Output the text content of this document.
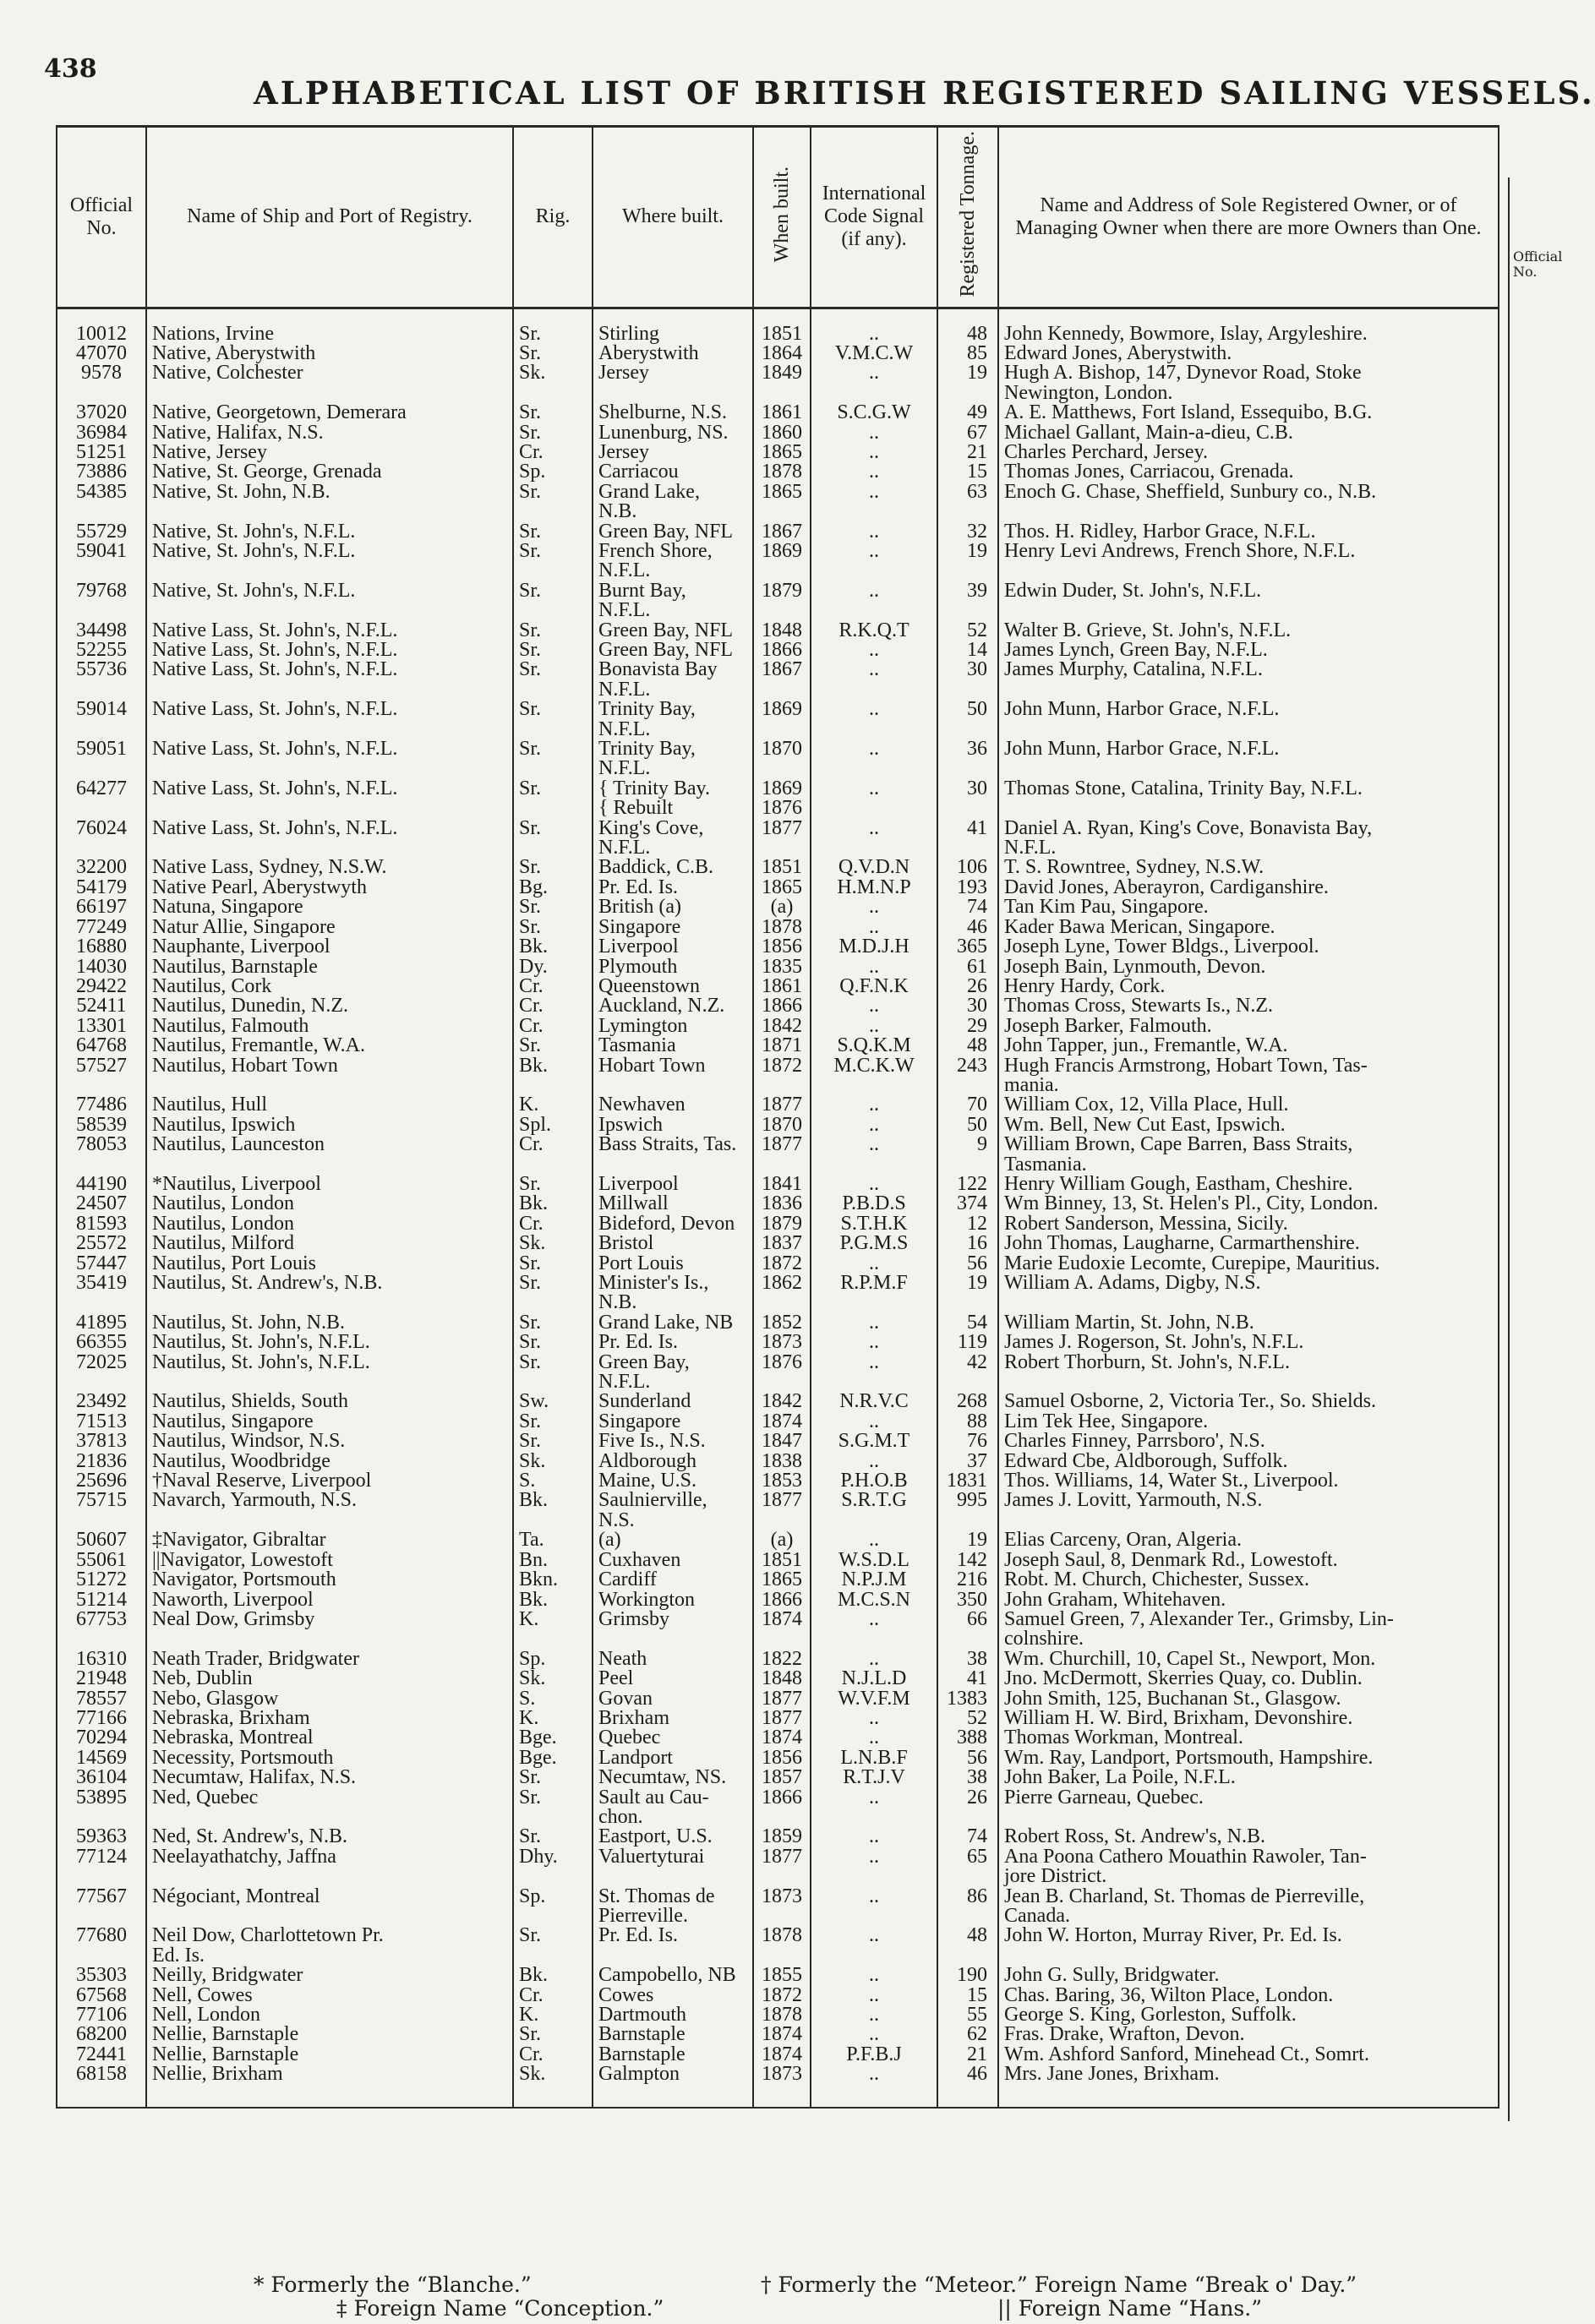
438
ALPHABETICAL LIST OF BRITISH REGISTERED SAILING VESSELS.
Official No.	Name of Ship and Port of Registry.	Rig.	Where built.	When built.	International Code Signal (if any).	Registered Tonnage.	Name and Address of Sole Registered Owner, or of Managing Owner when there are more Owners than One.
10012	Nations, Irvine	Sr.	Stirling	1851	..	48	John Kennedy, Bowmore, Islay, Argyleshire.
47070	Native, Aberystwith	Sr.	Aberystwith	1864	V.M.C.W	85	Edward Jones, Aberystwith.
9578	Native, Colchester	Sk.	Jersey	1849	..	19	Hugh A. Bishop, 147, Dynevor Road, Stoke
							Newington, London.
37020	Native, Georgetown, Demerara	Sr.	Shelburne, N.S.	1861	S.C.G.W	49	A. E. Matthews, Fort Island, Essequibo, B.G.
36984	Native, Halifax, N.S.	Sr.	Lunenburg, NS.	1860	..	67	Michael Gallant, Main-a-dieu, C.B.
51251	Native, Jersey	Cr.	Jersey	1865	..	21	Charles Perchard, Jersey.
73886	Native, St. George, Grenada	Sp.	Carriacou	1878	..	15	Thomas Jones, Carriacou, Grenada.
54385	Native, St. John, N.B.	Sr.	Grand Lake,	1865	..	63	Enoch G. Chase, Sheffield, Sunbury co., N.B.
			N.B.				
55729	Native, St. John's, N.F.L.	Sr.	Green Bay, NFL	1867	..	32	Thos. H. Ridley, Harbor Grace, N.F.L.
59041	Native, St. John's, N.F.L.	Sr.	French Shore,	1869	..	19	Henry Levi Andrews, French Shore, N.F.L.
			N.F.L.				
79768	Native, St. John's, N.F.L.	Sr.	Burnt Bay,	1879	..	39	Edwin Duder, St. John's, N.F.L.
			N.F.L.				
34498	Native Lass, St. John's, N.F.L.	Sr.	Green Bay, NFL	1848	R.K.Q.T	52	Walter B. Grieve, St. John's, N.F.L.
52255	Native Lass, St. John's, N.F.L.	Sr.	Green Bay, NFL	1866	..	14	James Lynch, Green Bay, N.F.L.
55736	Native Lass, St. John's, N.F.L.	Sr.	Bonavista Bay	1867	..	30	James Murphy, Catalina, N.F.L.
			N.F.L.				
59014	Native Lass, St. John's, N.F.L.	Sr.	Trinity Bay,	1869	..	50	John Munn, Harbor Grace, N.F.L.
			N.F.L.				
59051	Native Lass, St. John's, N.F.L.	Sr.	Trinity Bay,	1870	..	36	John Munn, Harbor Grace, N.F.L.
			N.F.L.				
64277	Native Lass, St. John's, N.F.L.	Sr.	{ Trinity Bay.	1869	..	30	Thomas Stone, Catalina, Trinity Bay, N.F.L.
			{ Rebuilt	1876			
76024	Native Lass, St. John's, N.F.L.	Sr.	King's Cove,	1877	..	41	Daniel A. Ryan, King's Cove, Bonavista Bay,
			N.F.L.				N.F.L.
32200	Native Lass, Sydney, N.S.W.	Sr.	Baddick, C.B.	1851	Q.V.D.N	106	T. S. Rowntree, Sydney, N.S.W.
54179	Native Pearl, Aberystwyth	Bg.	Pr. Ed. Is.	1865	H.M.N.P	193	David Jones, Aberayron, Cardiganshire.
66197	Natuna, Singapore	Sr.	British (a)	(a)	..	74	Tan Kim Pau, Singapore.
77249	Natur Allie, Singapore	Sr.	Singapore	1878	..	46	Kader Bawa Merican, Singapore.
16880	Nauphante, Liverpool	Bk.	Liverpool	1856	M.D.J.H	365	Joseph Lyne, Tower Bldgs., Liverpool.
14030	Nautilus, Barnstaple	Dy.	Plymouth	1835	..	61	Joseph Bain, Lynmouth, Devon.
29422	Nautilus, Cork	Cr.	Queenstown	1861	Q.F.N.K	26	Henry Hardy, Cork.
52411	Nautilus, Dunedin, N.Z.	Cr.	Auckland, N.Z.	1866	..	30	Thomas Cross, Stewarts Is., N.Z.
13301	Nautilus, Falmouth	Cr.	Lymington	1842	..	29	Joseph Barker, Falmouth.
64768	Nautilus, Fremantle, W.A.	Sr.	Tasmania	1871	S.Q.K.M	48	John Tapper, jun., Fremantle, W.A.
57527	Nautilus, Hobart Town	Bk.	Hobart Town	1872	M.C.K.W	243	Hugh Francis Armstrong, Hobart Town, Tas-
							mania.
77486	Nautilus, Hull	K.	Newhaven	1877	..	70	William Cox, 12, Villa Place, Hull.
58539	Nautilus, Ipswich	Spl.	Ipswich	1870	..	50	Wm. Bell, New Cut East, Ipswich.
78053	Nautilus, Launceston	Cr.	Bass Straits, Tas.	1877	..	9	William Brown, Cape Barren, Bass Straits,
							Tasmania.
44190	*Nautilus, Liverpool	Sr.	Liverpool	1841	..	122	Henry William Gough, Eastham, Cheshire.
24507	Nautilus, London	Bk.	Millwall	1836	P.B.D.S	374	Wm Binney, 13, St. Helen's Pl., City, London.
81593	Nautilus, London	Cr.	Bideford, Devon	1879	S.T.H.K	12	Robert Sanderson, Messina, Sicily.
25572	Nautilus, Milford	Sk.	Bristol	1837	P.G.M.S	16	John Thomas, Laugharne, Carmarthenshire.
57447	Nautilus, Port Louis	Sr.	Port Louis	1872	..	56	Marie Eudoxie Lecomte, Curepipe, Mauritius.
35419	Nautilus, St. Andrew's, N.B.	Sr.	Minister's Is.,	1862	R.P.M.F	19	William A. Adams, Digby, N.S.
			N.B.				
41895	Nautilus, St. John, N.B.	Sr.	Grand Lake, NB	1852	..	54	William Martin, St. John, N.B.
66355	Nautilus, St. John's, N.F.L.	Sr.	Pr. Ed. Is.	1873	..	119	James J. Rogerson, St. John's, N.F.L.
72025	Nautilus, St. John's, N.F.L.	Sr.	Green Bay,	1876	..	42	Robert Thorburn, St. John's, N.F.L.
			N.F.L.				
23492	Nautilus, Shields, South	Sw.	Sunderland	1842	N.R.V.C	268	Samuel Osborne, 2, Victoria Ter., So. Shields.
71513	Nautilus, Singapore	Sr.	Singapore	1874	..	88	Lim Tek Hee, Singapore.
37813	Nautilus, Windsor, N.S.	Sr.	Five Is., N.S.	1847	S.G.M.T	76	Charles Finney, Parrsboro', N.S.
21836	Nautilus, Woodbridge	Sk.	Aldborough	1838	..	37	Edward Cbe, Aldborough, Suffolk.
25696	†Naval Reserve, Liverpool	S.	Maine, U.S.	1853	P.H.O.B	1831	Thos. Williams, 14, Water St., Liverpool.
75715	Navarch, Yarmouth, N.S.	Bk.	Saulnierville,	1877	S.R.T.G	995	James J. Lovitt, Yarmouth, N.S.
			N.S.				
50607	‡Navigator, Gibraltar	Ta.	(a)	(a)	..	19	Elias Carceny, Oran, Algeria.
55061	||Navigator, Lowestoft	Bn.	Cuxhaven	1851	W.S.D.L	142	Joseph Saul, 8, Denmark Rd., Lowestoft.
51272	Navigator, Portsmouth	Bkn.	Cardiff	1865	N.P.J.M	216	Robt. M. Church, Chichester, Sussex.
51214	Naworth, Liverpool	Bk.	Workington	1866	M.C.S.N	350	John Graham, Whitehaven.
67753	Neal Dow, Grimsby	K.	Grimsby	1874	..	66	Samuel Green, 7, Alexander Ter., Grimsby, Lin-
							colnshire.
16310	Neath Trader, Bridgwater	Sp.	Neath	1822	..	38	Wm. Churchill, 10, Capel St., Newport, Mon.
21948	Neb, Dublin	Sk.	Peel	1848	N.J.L.D	41	Jno. McDermott, Skerries Quay, co. Dublin.
78557	Nebo, Glasgow	S.	Govan	1877	W.V.F.M	1383	John Smith, 125, Buchanan St., Glasgow.
77166	Nebraska, Brixham	K.	Brixham	1877	..	52	William H. W. Bird, Brixham, Devonshire.
70294	Nebraska, Montreal	Bge.	Quebec	1874	..	388	Thomas Workman, Montreal.
14569	Necessity, Portsmouth	Bge.	Landport	1856	L.N.B.F	56	Wm. Ray, Landport, Portsmouth, Hampshire.
36104	Necumtaw, Halifax, N.S.	Sr.	Necumtaw, NS.	1857	R.T.J.V	38	John Baker, La Poile, N.F.L.
53895	Ned, Quebec	Sr.	Sault au Cau-	1866	..	26	Pierre Garneau, Quebec.
			chon.				
59363	Ned, St. Andrew's, N.B.	Sr.	Eastport, U.S.	1859	..	74	Robert Ross, St. Andrew's, N.B.
77124	Neelayathatchy, Jaffna	Dhy.	Valuertyturai	1877	..	65	Ana Poona Cathero Mouathin Rawoler, Tan-
							jore District.
77567	Négociant, Montreal	Sp.	St. Thomas de	1873	..	86	Jean B. Charland, St. Thomas de Pierreville,
			Pierreville.				Canada.
77680	Neil Dow, Charlottetown Pr.	Sr.	Pr. Ed. Is.	1878	..	48	John W. Horton, Murray River, Pr. Ed. Is.
	Ed. Is.						
35303	Neilly, Bridgwater	Bk.	Campobello, NB	1855	..	190	John G. Sully, Bridgwater.
67568	Nell, Cowes	Cr.	Cowes	1872	..	15	Chas. Baring, 36, Wilton Place, London.
77106	Nell, London	K.	Dartmouth	1878	..	55	George S. King, Gorleston, Suffolk.
68200	Nellie, Barnstaple	Sr.	Barnstaple	1874	..	62	Fras. Drake, Wrafton, Devon.
72441	Nellie, Barnstaple	Cr.	Barnstaple	1874	P.F.B.J	21	Wm. Ashford Sanford, Minehead Ct., Somrt.
68158	Nellie, Brixham	Sk.	Galmpton	1873	..	46	Mrs. Jane Jones, Brixham.
Official No.
* Formerly the “Blanche.”	† Formerly the “Meteor.” Foreign Name “Break o' Day.”
‡ Foreign Name “Conception.”	|| Foreign Name “Hans.”
